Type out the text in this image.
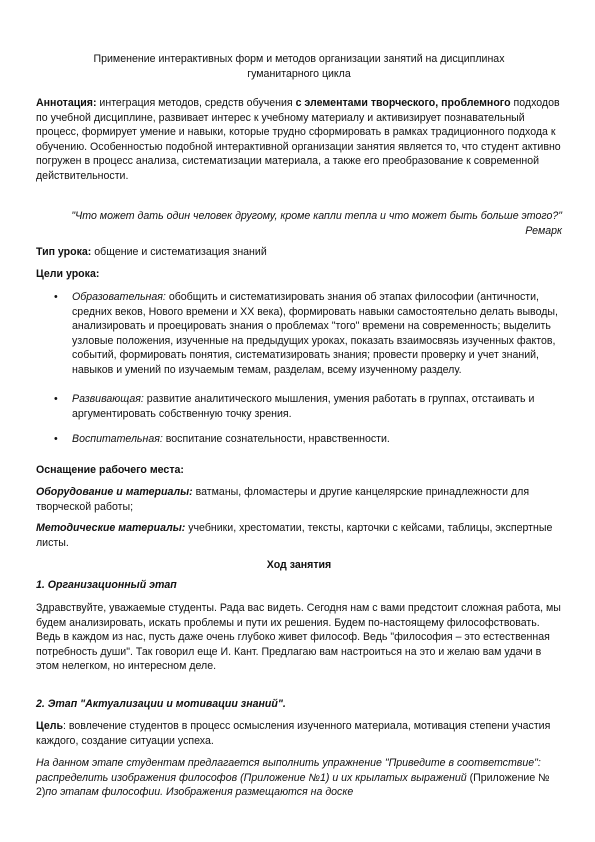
Применение интерактивных форм и методов организации занятий на дисциплинах
гуманитарного цикла
Аннотация: интеграция методов, средств обучения с элементами творческого, проблемного подходов по учебной дисциплине, развивает интерес к учебному материалу и активизирует познавательный процесс, формирует умение и навыки, которые трудно сформировать в рамках традиционного подхода к обучению. Особенностью подобной интерактивной организации занятия является то, что студент активно погружен в процесс анализа, систематизации материала, а также его преобразование к современной действительности.
"Что может дать один человек другому, кроме капли тепла и что может быть больше этого?"
Ремарк
Тип урока: общение и систематизация знаний
Цели урока:
•	Образовательная: обобщить и систематизировать знания об этапах философии (античности, средних веков, Нового времени и ХХ века), формировать навыки самостоятельно делать выводы, анализировать и проецировать знания о проблемах "того" времени на современность; выделить узловые положения, изученные на предыдущих уроках, показать взаимосвязь изученных фактов, событий, формировать понятия, систематизировать знания; провести проверку и учет знаний, навыков и умений по изучаемым темам, разделам, всему изученному разделу.
•	Развивающая: развитие аналитического мышления, умения работать в группах, отстаивать и аргументировать собственную точку зрения.
•	Воспитательная: воспитание сознательности, нравственности.
Оснащение рабочего места:
Оборудование и материалы: ватманы, фломастеры и другие канцелярские принадлежности для творческой работы;
Методические материалы: учебники, хрестоматии, тексты, карточки с кейсами, таблицы, экспертные листы.
Ход занятия
1. Организационный этап
Здравствуйте, уважаемые студенты. Рада вас видеть. Сегодня нам с вами предстоит сложная работа, мы будем анализировать, искать проблемы и пути их решения. Будем по-настоящему философствовать. Ведь в каждом из нас, пусть даже очень глубоко живет философ. Ведь "философия – это естественная потребность души". Так говорил еще И. Кант. Предлагаю вам настроиться на это и желаю вам удачи в этом нелегком, но интересном деле.
2. Этап "Актуализации и мотивации знаний".
Цель: вовлечение студентов в процесс осмысления изученного материала, мотивация степени участия каждого, создание ситуации успеха.
На данном этапе студентам предлагается выполнить упражнение "Приведите в соответствие": распределить изображения философов (Приложение №1) и их крылатых выражений (Приложение № 2)по этапам философии. Изображения размещаются на доске
